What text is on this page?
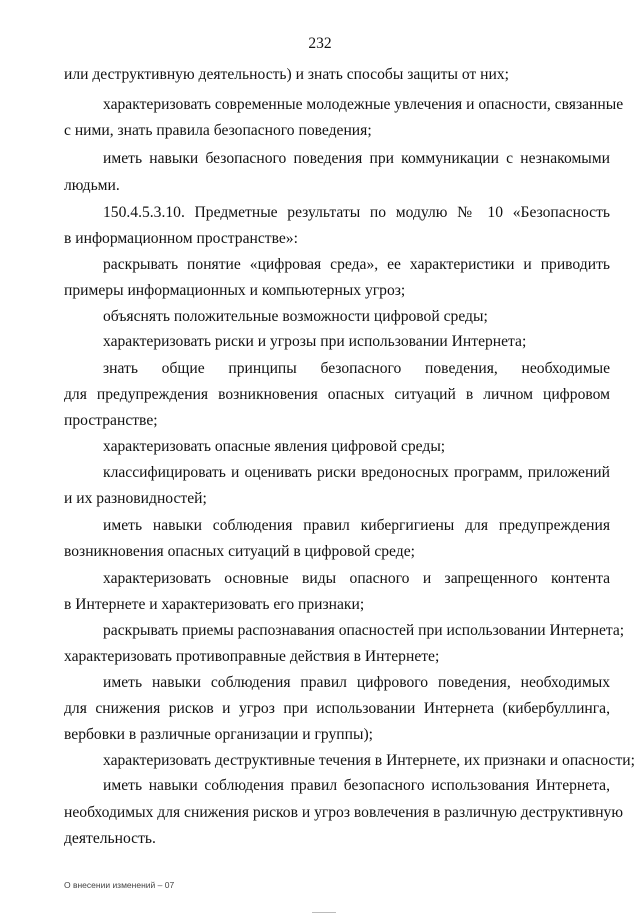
232
или деструктивную деятельность) и знать способы защиты от них;
характеризовать современные молодежные увлечения и опасности, связанные
с ними, знать правила безопасного поведения;
иметь навыки безопасного поведения при коммуникации с незнакомыми
людьми.
150.4.5.3.10. Предметные результаты по модулю № 10 «Безопасность
в информационном пространстве»:
раскрывать понятие «цифровая среда», ее характеристики и приводить
примеры информационных и компьютерных угроз;
объяснять положительные возможности цифровой среды;
характеризовать риски и угрозы при использовании Интернета;
знать общие принципы безопасного поведения, необходимые
для предупреждения возникновения опасных ситуаций в личном цифровом
пространстве;
характеризовать опасные явления цифровой среды;
классифицировать и оценивать риски вредоносных программ, приложений
и их разновидностей;
иметь навыки соблюдения правил кибергигиены для предупреждения
возникновения опасных ситуаций в цифровой среде;
характеризовать основные виды опасного и запрещенного контента
в Интернете и характеризовать его признаки;
раскрывать приемы распознавания опасностей при использовании Интернета;
характеризовать противоправные действия в Интернете;
иметь навыки соблюдения правил цифрового поведения, необходимых
для снижения рисков и угроз при использовании Интернета (кибербуллинга,
вербовки в различные организации и группы);
характеризовать деструктивные течения в Интернете, их признаки и опасности;
иметь навыки соблюдения правил безопасного использования Интернета,
необходимых для снижения рисков и угроз вовлечения в различную деструктивную
деятельность.
О внесении изменений – 07
